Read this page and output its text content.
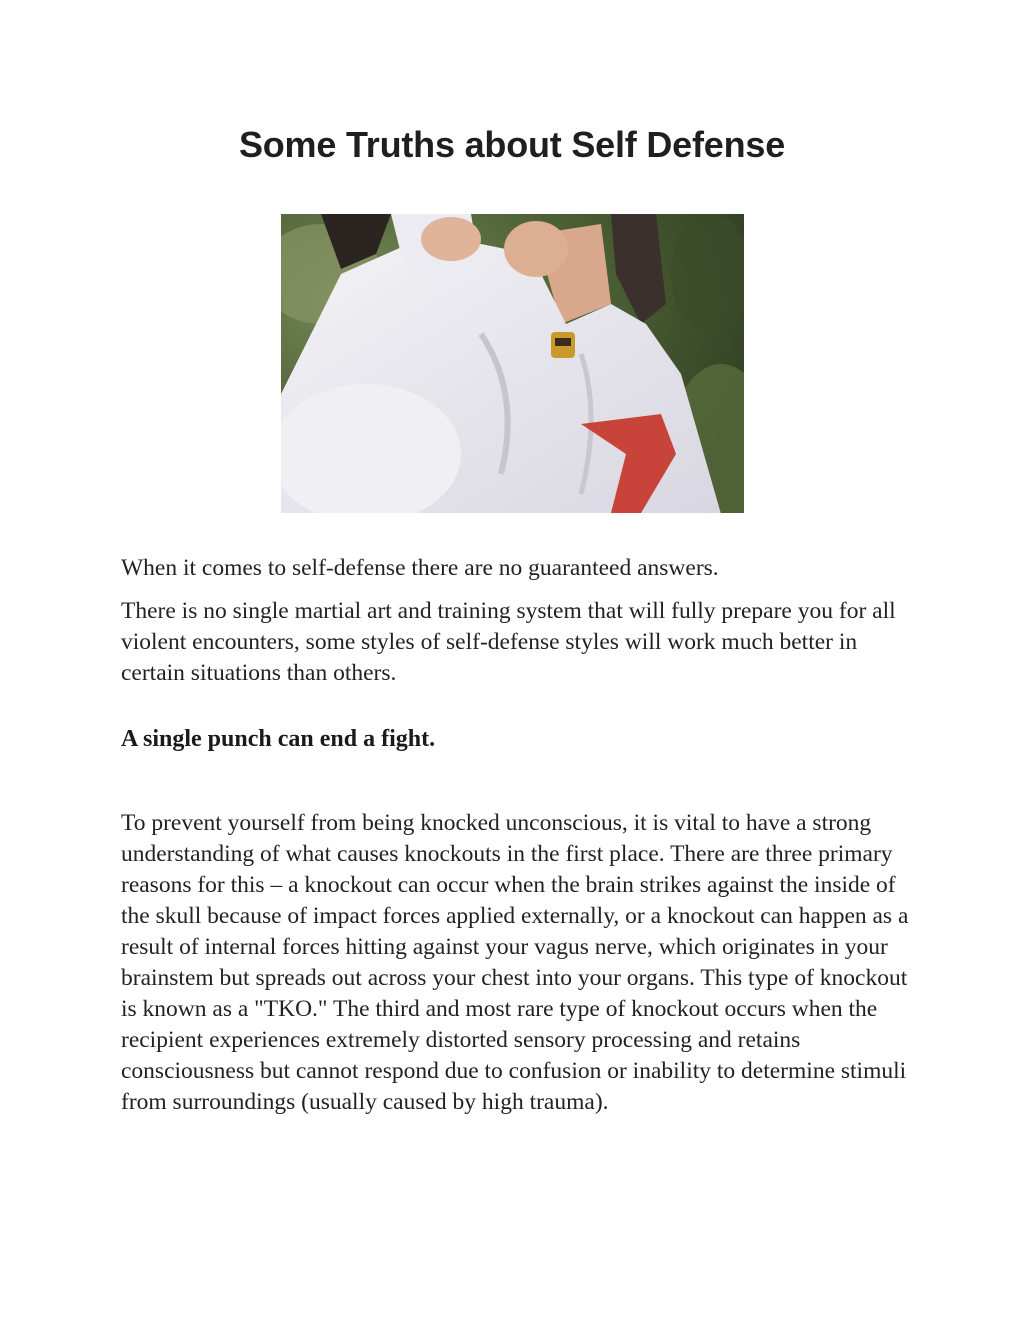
Some Truths about Self Defense

When it comes to self-defense there are no guaranteed answers.

There is no single martial art and training system that will fully prepare you for all violent encounters, some styles of self-defense styles will work much better in certain situations than others.

A single punch can end a fight.

To prevent yourself from being knocked unconscious, it is vital to have a strong understanding of what causes knockouts in the first place. There are three primary reasons for this – a knockout can occur when the brain strikes against the inside of the skull because of impact forces applied externally, or a knockout can happen as a result of internal forces hitting against your vagus nerve, which originates in your brainstem but spreads out across your chest into your organs. This type of knockout is known as a "TKO." The third and most rare type of knockout occurs when the recipient experiences extremely distorted sensory processing and retains consciousness but cannot respond due to confusion or inability to determine stimuli from surroundings (usually caused by high trauma).
